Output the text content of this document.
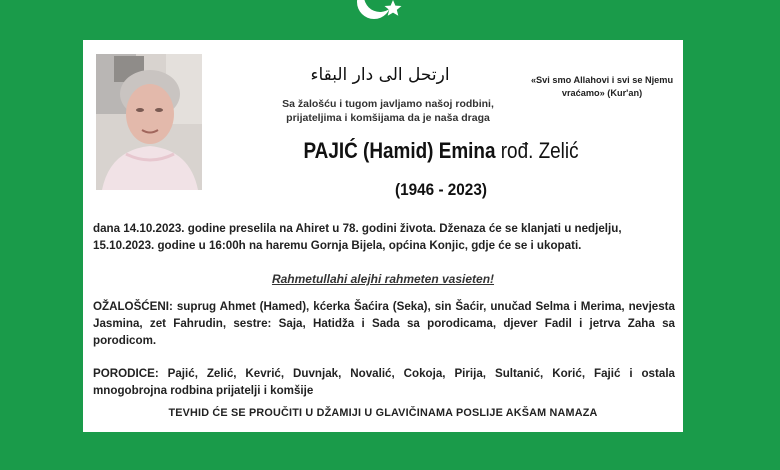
ارتحل الى دار البقاء
Sa žalošću i tugom javljamo našoj rodbini,
prijateljima i komšijama da je naša draga
«Svi smo Allahovi i svi se Njemu vraćamo» (Kur'an)
PAJIĆ (Hamid) Emina rođ. Zelić
(1946 - 2023)
dana 14.10.2023. godine preselila na Ahiret u 78. godini života. Dženaza će se klanjati u nedjelju, 15.10.2023. godine u 16:00h na haremu Gornja Bijela, općina Konjic, gdje će se i ukopati.
Rahmetullahi alejhi rahmeten vasieten!
OŽALOŠĆENI: suprug Ahmet (Hamed), kćerka Šaćira (Seka), sin Šaćir, unučad Selma i Merima, nevjesta Jasmina, zet Fahrudin, sestre: Saja, Hatidža i Sada sa porodicama, djever Fadil i jetrva Zaha sa porodicom.
PORODICE: Pajić, Zelić, Kevrić, Duvnjak, Novalić, Cokoja, Pirija, Sultanić, Korić, Fajić i ostala mnogobrojna rodbina prijatelji i komšije
TEVHID ĆE SE PROUČITI U DŽAMIJI U GLAVIČINAMA POSLIJE AKŠAM NAMAZA
